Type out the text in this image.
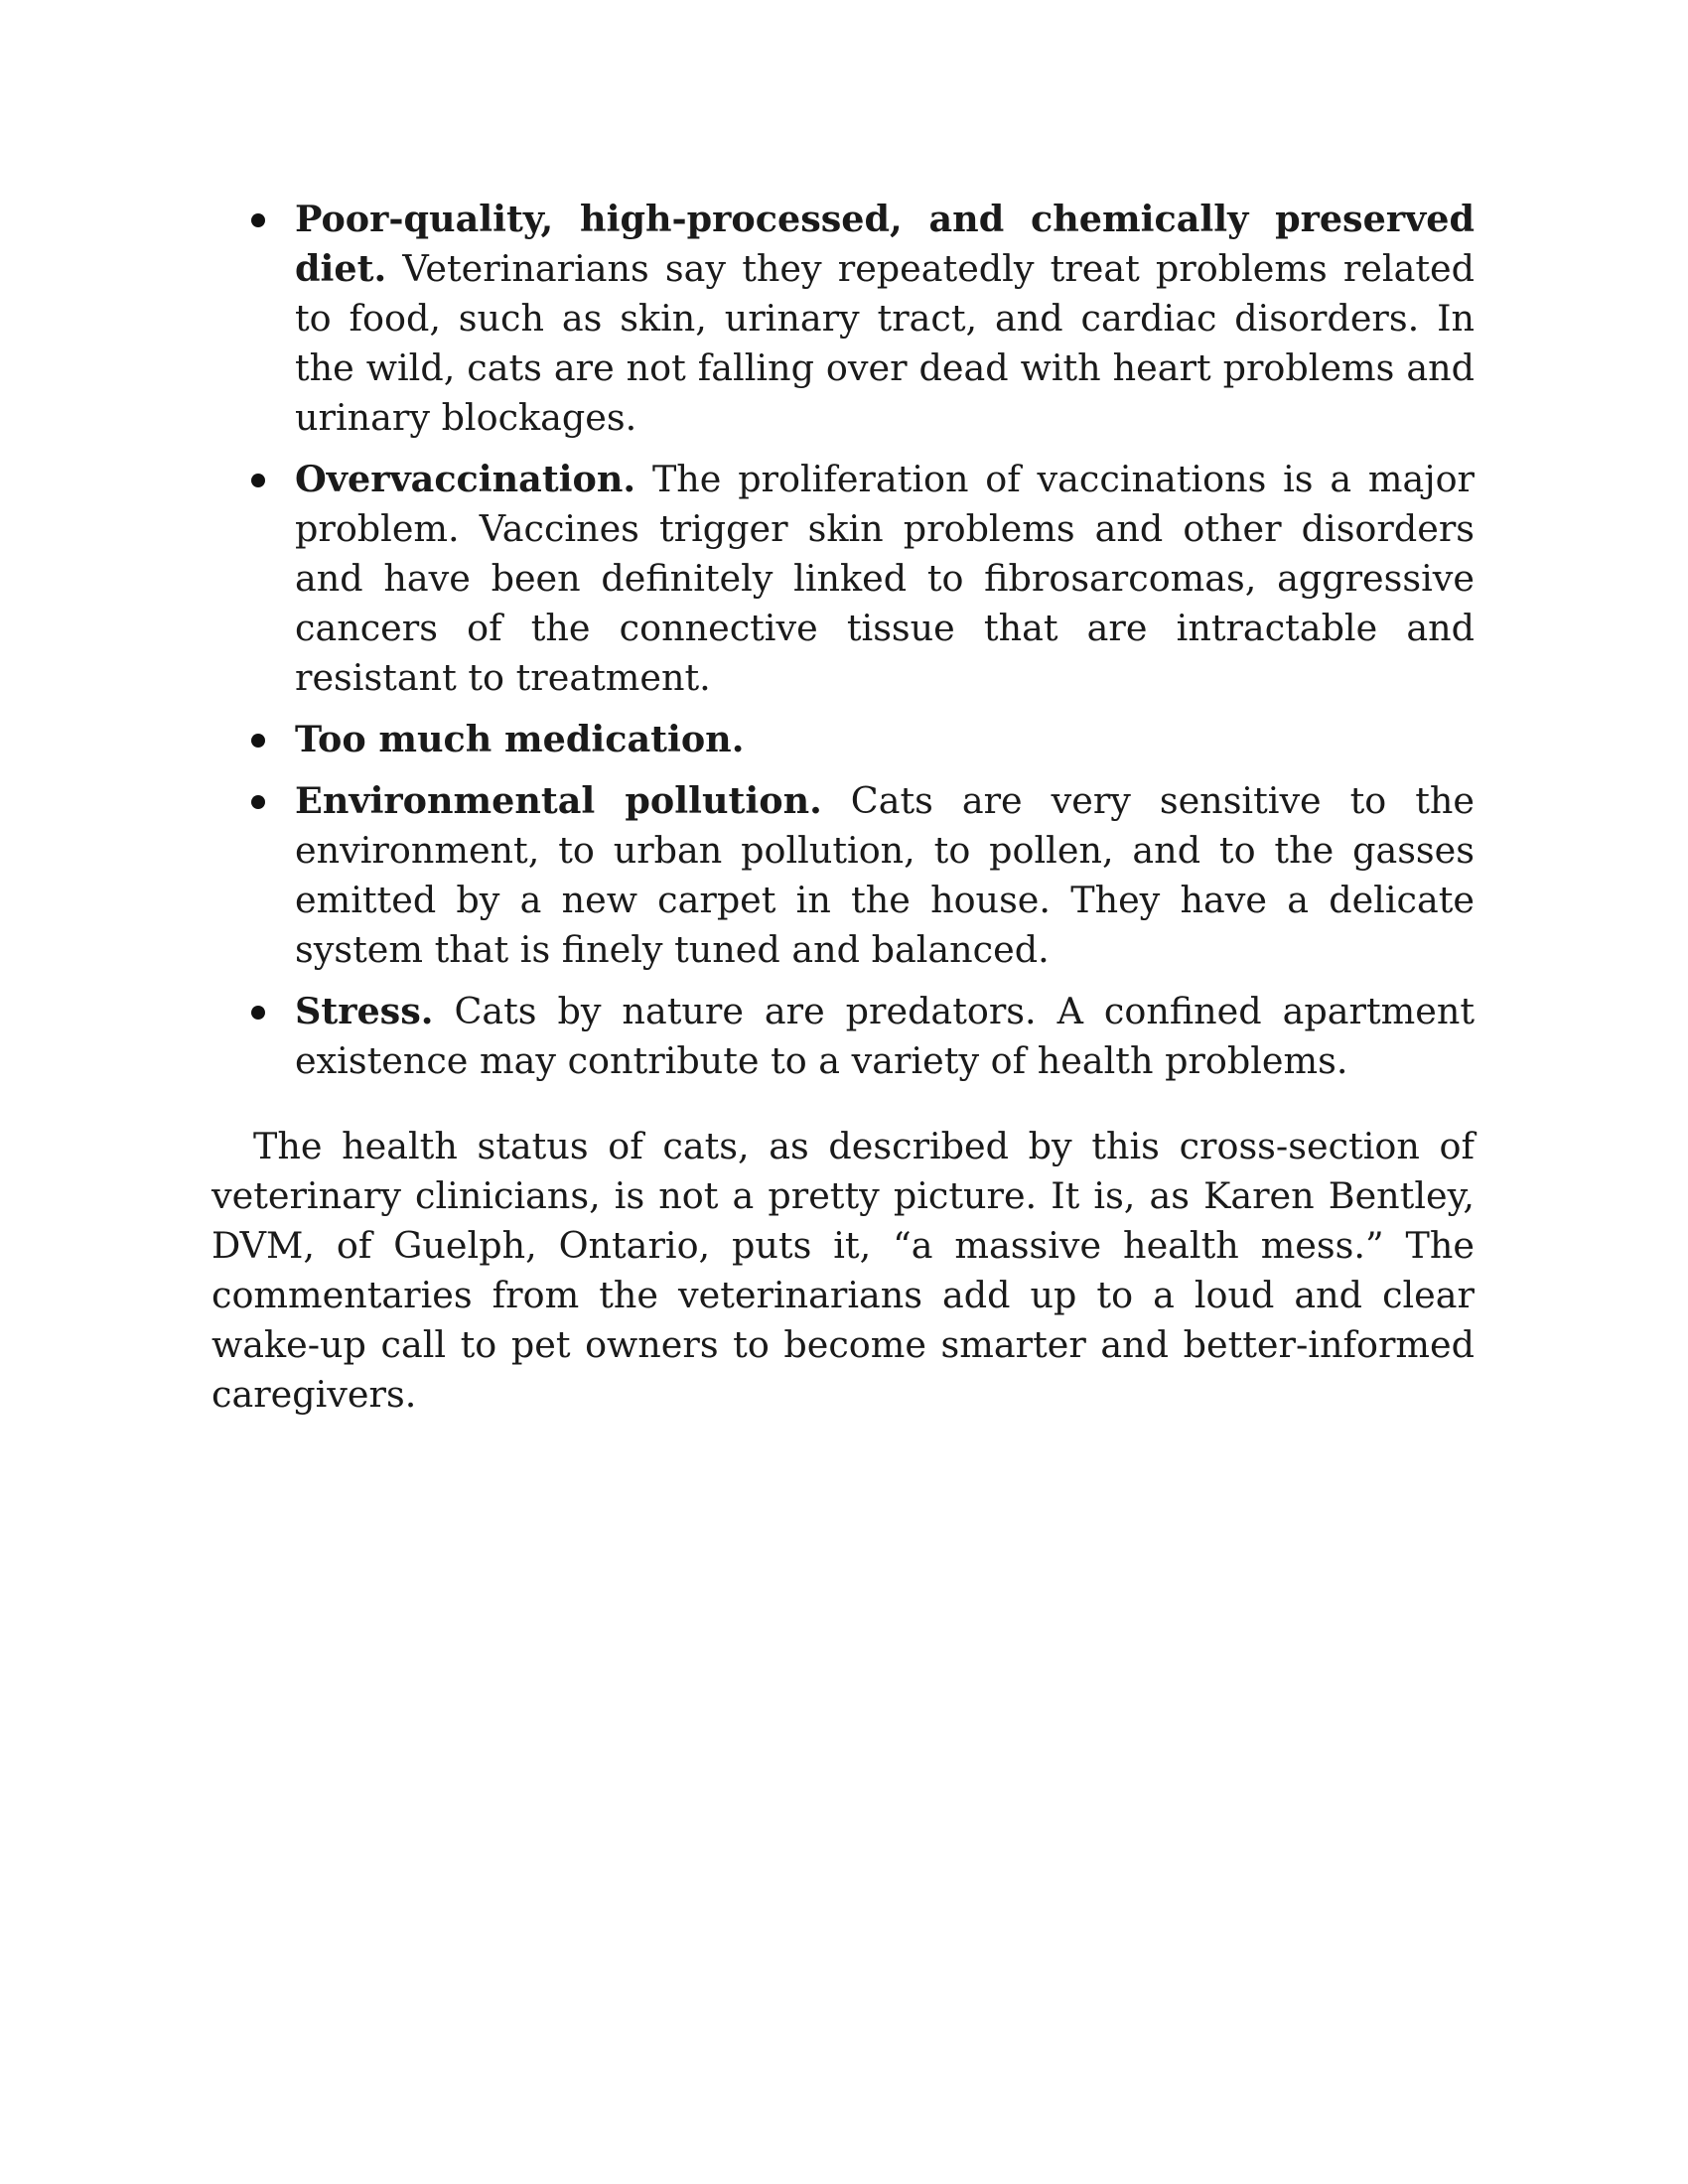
Poor-quality, high-processed, and chemically preserved diet. Veterinarians say they repeatedly treat problems related to food, such as skin, urinary tract, and cardiac disorders. In the wild, cats are not falling over dead with heart problems and urinary blockages.
Overvaccination. The proliferation of vaccinations is a major problem. Vaccines trigger skin problems and other disorders and have been definitely linked to fibrosarcomas, aggressive cancers of the connective tissue that are intractable and resistant to treatment.
Too much medication.
Environmental pollution. Cats are very sensitive to the environment, to urban pollution, to pollen, and to the gasses emitted by a new carpet in the house. They have a delicate system that is finely tuned and balanced.
Stress. Cats by nature are predators. A confined apartment existence may contribute to a variety of health problems.

The health status of cats, as described by this cross-section of veterinary clinicians, is not a pretty picture. It is, as Karen Bentley, DVM, of Guelph, Ontario, puts it, “a massive health mess.” The commentaries from the veterinarians add up to a loud and clear wake-up call to pet owners to become smarter and better-informed caregivers.
